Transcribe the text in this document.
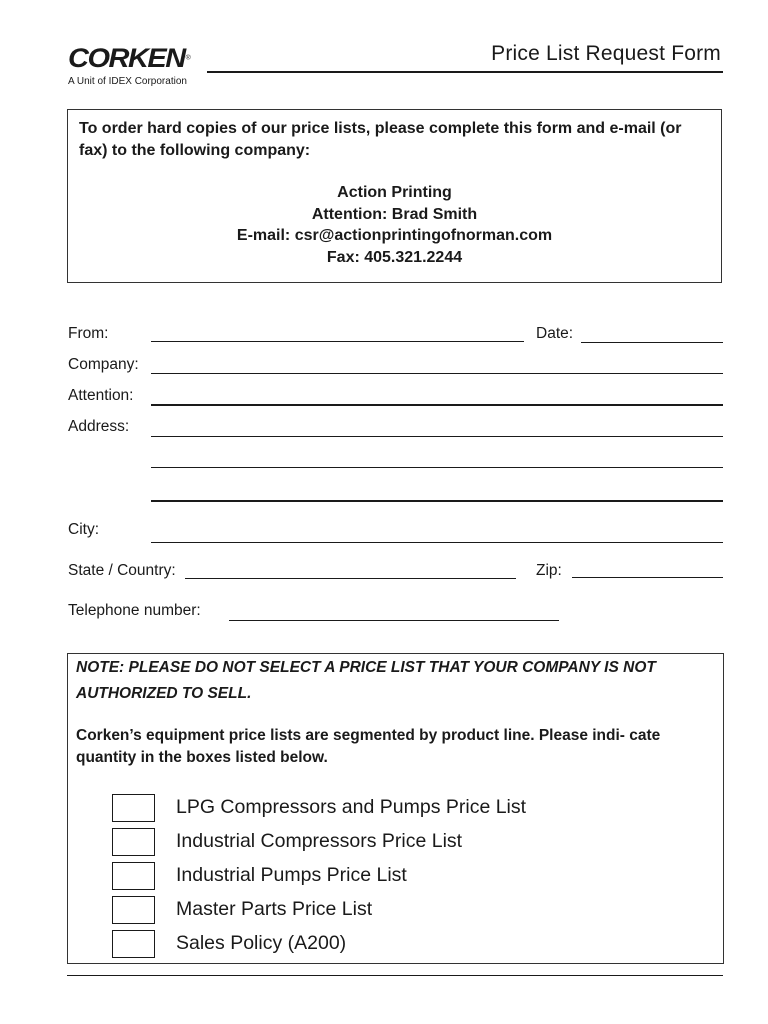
CORKEN®
A Unit of IDEX Corporation
Price List Request Form
To order hard copies of our price lists, please complete this form and e-mail (or fax) to the following company:
Action Printing
Attention: Brad Smith
E-mail: csr@actionprintingofnorman.com
Fax: 405.321.2244
From:	Date:
Company:
Attention:
Address:
City:
State / Country:	Zip:
Telephone number:
NOTE: PLEASE DO NOT SELECT A PRICE LIST THAT YOUR COMPANY IS NOT AUTHORIZED TO SELL.
Corken’s equipment price lists are segmented by product line. Please indi- cate quantity in the boxes listed below.
LPG Compressors and Pumps Price List
Industrial Compressors Price List
Industrial Pumps Price List
Master Parts Price List
Sales Policy (A200)
